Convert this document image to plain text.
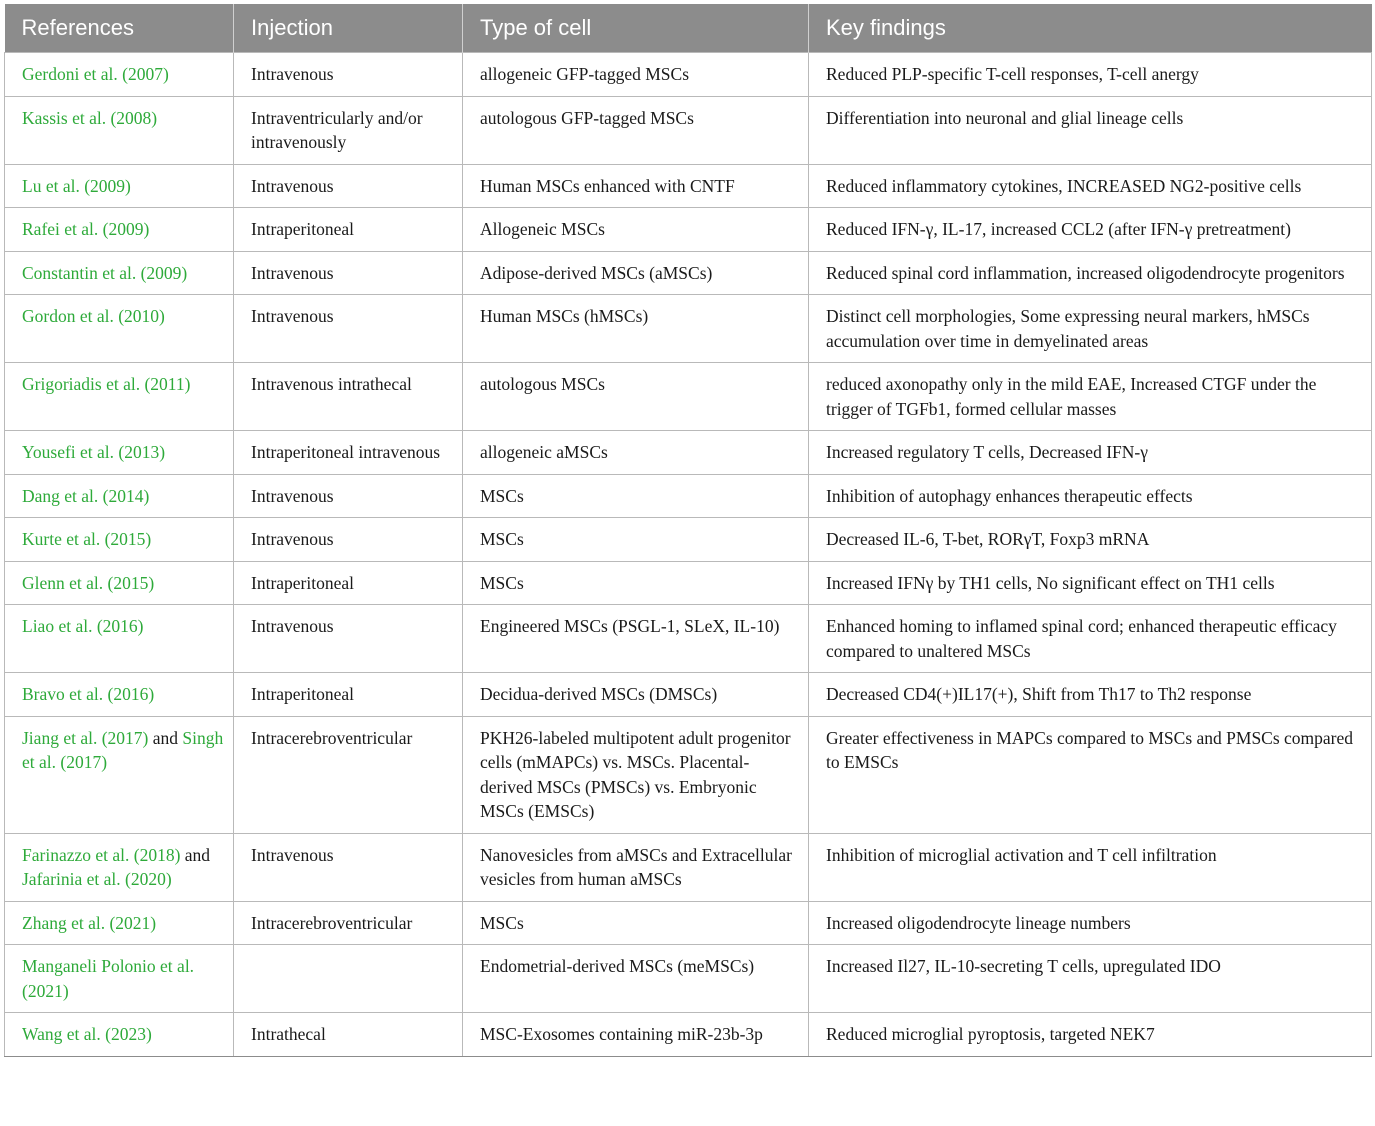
References	Injection	Type of cell	Key findings
Gerdoni et al. (2007)	Intravenous	allogeneic GFP-tagged MSCs	Reduced PLP-specific T-cell responses, T-cell anergy
Kassis et al. (2008)	Intraventricularly and/or intravenously	autologous GFP-tagged MSCs	Differentiation into neuronal and glial lineage cells
Lu et al. (2009)	Intravenous	Human MSCs enhanced with CNTF	Reduced inflammatory cytokines, INCREASED NG2-positive cells
Rafei et al. (2009)	Intraperitoneal	Allogeneic MSCs	Reduced IFN-γ, IL-17, increased CCL2 (after IFN-γ pretreatment)
Constantin et al. (2009)	Intravenous	Adipose-derived MSCs (aMSCs)	Reduced spinal cord inflammation, increased oligodendrocyte progenitors
Gordon et al. (2010)	Intravenous	Human MSCs (hMSCs)	Distinct cell morphologies, Some expressing neural markers, hMSCs accumulation over time in demyelinated areas
Grigoriadis et al. (2011)	Intravenous intrathecal	autologous MSCs	reduced axonopathy only in the mild EAE, Increased CTGF under the trigger of TGFb1, formed cellular masses
Yousefi et al. (2013)	Intraperitoneal intravenous	allogeneic aMSCs	Increased regulatory T cells, Decreased IFN-γ
Dang et al. (2014)	Intravenous	MSCs	Inhibition of autophagy enhances therapeutic effects
Kurte et al. (2015)	Intravenous	MSCs	Decreased IL-6, T-bet, RORγT, Foxp3 mRNA
Glenn et al. (2015)	Intraperitoneal	MSCs	Increased IFNγ by TH1 cells, No significant effect on TH1 cells
Liao et al. (2016)	Intravenous	Engineered MSCs (PSGL-1, SLeX, IL-10)	Enhanced homing to inflamed spinal cord; enhanced therapeutic efficacy compared to unaltered MSCs
Bravo et al. (2016)	Intraperitoneal	Decidua-derived MSCs (DMSCs)	Decreased CD4(+)IL17(+), Shift from Th17 to Th2 response
Jiang et al. (2017) and Singh et al. (2017)	Intracerebroventricular	PKH26-labeled multipotent adult progenitor cells (mMAPCs) vs. MSCs. Placental-derived MSCs (PMSCs) vs. Embryonic MSCs (EMSCs)	Greater effectiveness in MAPCs compared to MSCs and PMSCs compared to EMSCs
Farinazzo et al. (2018) and Jafarinia et al. (2020)	Intravenous	Nanovesicles from aMSCs and Extracellular vesicles from human aMSCs	Inhibition of microglial activation and T cell infiltration
Zhang et al. (2021)	Intracerebroventricular	MSCs	Increased oligodendrocyte lineage numbers
Manganeli Polonio et al. (2021)		Endometrial-derived MSCs (meMSCs)	Increased Il27, IL-10-secreting T cells, upregulated IDO
Wang et al. (2023)	Intrathecal	MSC-Exosomes containing miR-23b-3p	Reduced microglial pyroptosis, targeted NEK7
